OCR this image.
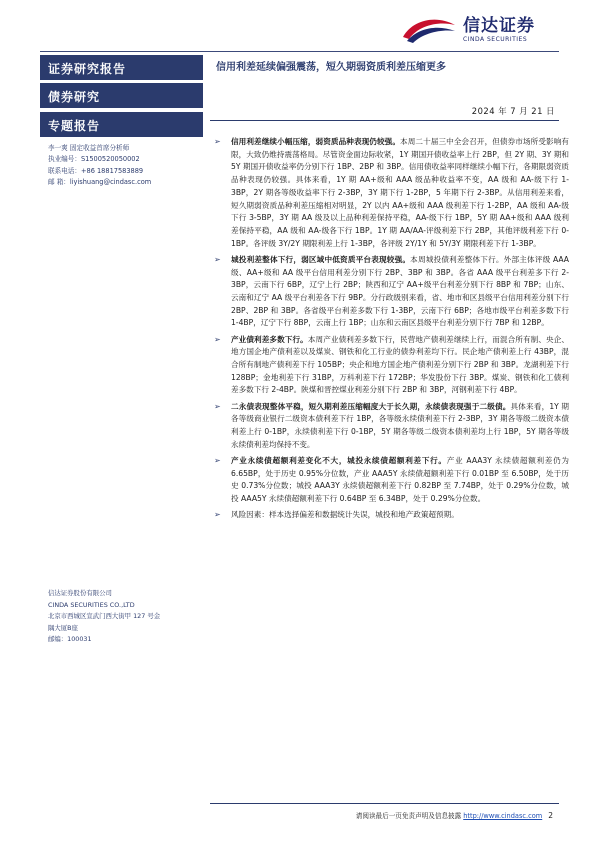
信达证券
CINDA SECURITIES
证券研究报告
债券研究
专题报告
李一爽 固定收益首席分析师
执业编号：S1500520050002
联系电话：+86 18817583889
邮 箱：liyishuang@cindasc.com
信达证券股份有限公司
CINDA SECURITIES CO.,LTD
北京市西城区宣武门西大街甲 127 号金
隅大厦B座
邮编：100031
信用利差延续偏强震荡，短久期弱资质利差压缩更多
2024 年 7 月 21 日
➢ 信用利差继续小幅压缩，弱资质品种表现仍较强。本周二十届三中全会召开，但债券市场所受影响有限，大致仍维持震荡格局。尽管资金面边际收紧，1Y 期国开债收益率上行 2BP，但 2Y 期、3Y 期和 5Y 期国开债收益率仍分别下行 1BP、2BP 和 3BP。信用债收益率同样继续小幅下行，各期限弱资质品种表现仍较强。具体来看，1Y 期 AA+级和 AAA 级品种收益率不变，AA 级和 AA-级下行 1-3BP，2Y 期各等级收益率下行 2-3BP，3Y 期下行 1-2BP，5 年期下行 2-3BP。从信用利差来看，短久期弱资质品种利差压缩相对明显，2Y 以内 AA+级和 AAA 级利差下行 1-2BP，AA 级和 AA-级下行 3-5BP，3Y 期 AA 级及以上品种利差保持平稳，AA-级下行 1BP，5Y 期 AA+级和 AAA 级利差保持平稳，AA 级和 AA-级各下行 1BP。1Y 期 AA/AA-评级利差下行 2BP，其他评级利差下行 0-1BP。各评级 3Y/2Y 期限利差上行 1-3BP，各评级 2Y/1Y 和 5Y/3Y 期限利差下行 1-3BP。
➢ 城投利差整体下行，弱区域中低资质平台表现较强。本周城投债利差整体下行。外部主体评级 AAA 级、AA+级和 AA 级平台信用利差分别下行 2BP、3BP 和 3BP。各省 AAA 级平台利差多下行 2-3BP，云南下行 6BP，辽宁上行 2BP；陕西和辽宁 AA+级平台利差分别下行 8BP 和 7BP；山东、云南和辽宁 AA 级平台利差各下行 9BP。分行政级别来看，省、地市和区县级平台信用利差分别下行 2BP、2BP 和 3BP。各省级平台利差多数下行 1-3BP，云南下行 6BP；各地市级平台利差多数下行 1-4BP，辽宁下行 8BP，云南上行 1BP；山东和云南区县级平台利差分别下行 7BP 和 12BP。
➢ 产业债利差多数下行。本周产业债利差多数下行，民营地产债利差继续上行，而混合所有制、央企、地方国企地产债利差以及煤炭、钢铁和化工行业的债券利差均下行。民企地产债利差上行 43BP，混合所有制地产债利差下行 105BP；央企和地方国企地产债利差分别下行 2BP 和 3BP。龙湖利差下行 128BP；金地利差下行 31BP，万科利差下行 172BP；华发股份下行 3BP。煤炭、钢铁和化工债利差多数下行 2-4BP。陕煤和晋控煤业利差分别下行 2BP 和 3BP，河钢利差下行 4BP。
➢ 二永债表现整体平稳，短久期利差压缩幅度大于长久期，永续债表现强于二级债。具体来看，1Y 期各等级商业银行二级资本债利差下行 1BP，各等级永续债利差下行 2-3BP，3Y 期各等级二级资本债利差上行 0-1BP，永续债利差下行 0-1BP，5Y 期各等级二级资本债利差均上行 1BP，5Y 期各等级永续债利差均保持不变。
➢ 产业永续债超额利差变化不大，城投永续债超额利差下行。产业 AAA3Y 永续债超额利差仍为 6.65BP，处于历史 0.95%分位数，产业 AAA5Y 永续债超额利差下行 0.01BP 至 6.50BP，处于历史 0.73%分位数；城投 AAA3Y 永续债超额利差下行 0.82BP 至 7.74BP，处于 0.29%分位数，城投 AAA5Y 永续债超额利差下行 0.64BP 至 6.34BP，处于 0.29%分位数。
➢ 风险因素：样本选择偏差和数据统计失误，城投和地产政策超预期。
请阅读最后一页免责声明及信息披露 http://www.cindasc.com 2
